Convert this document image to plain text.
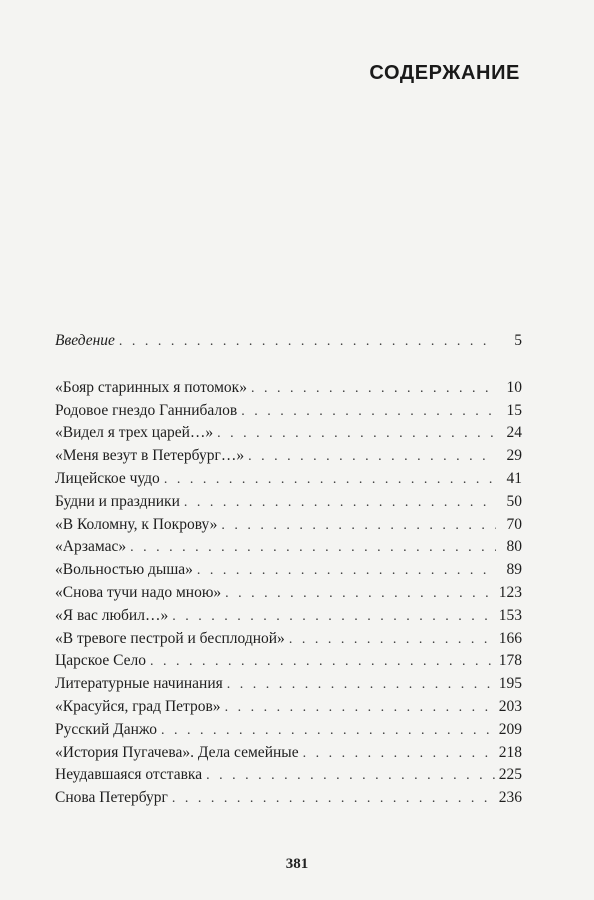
СОДЕРЖАНИЕ
Введение . . .	5
«Бояр старинных я потомок» . . .	10
Родовое гнездо Ганнибалов . . .	15
«Видел я трех царей…» . . .	24
«Меня везут в Петербург…» . . .	29
Лицейское чудо . . .	41
Будни и праздники . . .	50
«В Коломну, к Покрову» . . .	70
«Арзамас» . . .	80
«Вольностью дыша» . . .	89
«Снова тучи надо мною» . . .	123
«Я вас любил…» . . .	153
«В тревоге пестрой и бесплодной» . . .	166
Царское Село . . .	178
Литературные начинания . . .	195
«Красуйся, град Петров» . . .	203
Русский Данжо . . .	209
«История Пугачева». Дела семейные . . .	218
Неудавшаяся отставка . . .	225
Снова Петербург . . .	236
381
